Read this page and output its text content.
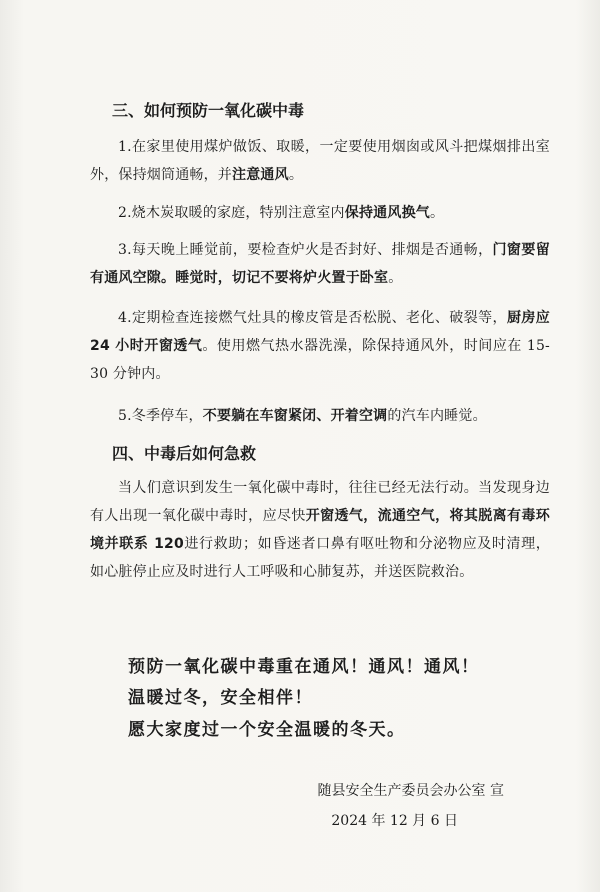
三、如何预防一氧化碳中毒

1.在家里使用煤炉做饭、取暖，一定要使用烟囱或风斗把煤烟排出室外，保持烟筒通畅，并注意通风。

2.烧木炭取暖的家庭，特别注意室内保持通风换气。

3.每天晚上睡觉前，要检查炉火是否封好、排烟是否通畅，门窗要留有通风空隙。睡觉时，切记不要将炉火置于卧室。

4.定期检查连接燃气灶具的橡皮管是否松脱、老化、破裂等，厨房应 24 小时开窗透气。使用燃气热水器洗澡，除保持通风外，时间应在 15-30 分钟内。

5.冬季停车，不要躺在车窗紧闭、开着空调的汽车内睡觉。

四、中毒后如何急救

当人们意识到发生一氧化碳中毒时，往往已经无法行动。当发现身边有人出现一氧化碳中毒时，应尽快开窗透气，流通空气，将其脱离有毒环境并联系 120进行救助；如昏迷者口鼻有呕吐物和分泌物应及时清理，如心脏停止应及时进行人工呼吸和心肺复苏，并送医院救治。

预防一氧化碳中毒重在通风！通风！通风！
温暖过冬，安全相伴！
愿大家度过一个安全温暖的冬天。
随县安全生产委员会办公室 宣
2024 年 12 月 6 日
